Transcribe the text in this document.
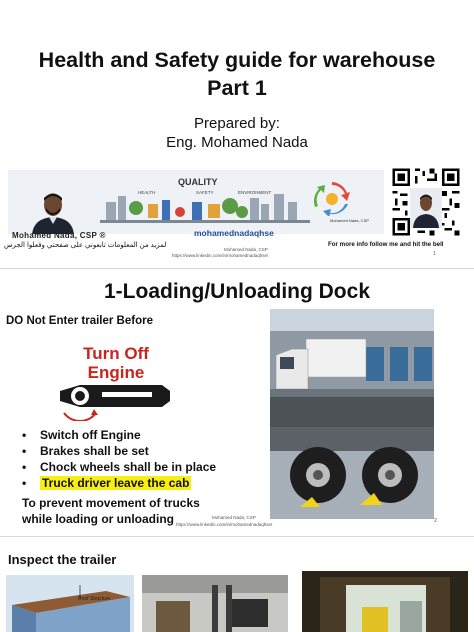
Health and Safety guide for warehouse
Part 1
Prepared by:
Eng. Mohamed Nada
QUALITY
HEALTH	SAFETY	ENVIRONMENT
Mohamed Nada, CSP
Mohamed Nada, CSP ®
لمزيد من المعلومات تابعوني على صفحتي وفعلوا الجرس
mohamednadaqhse
For more info follow me and hit the bell
Mohamed Nada, CSP
https://www.linkedin.com/in/mohamednadaqhse/	1
1-Loading/Unloading Dock
DO Not Enter trailer Before
Turn Off
Engine
• Switch off Engine
• Brakes shall be set
• Chock wheels shall be in place
• Truck driver leave the cab
To prevent movement of trucks
while loading or unloading	Mohamed Nada, CSP
https://www.linkedin.com/in/mohamednadaqhse/
2
Inspect the trailer
Roof Structure
